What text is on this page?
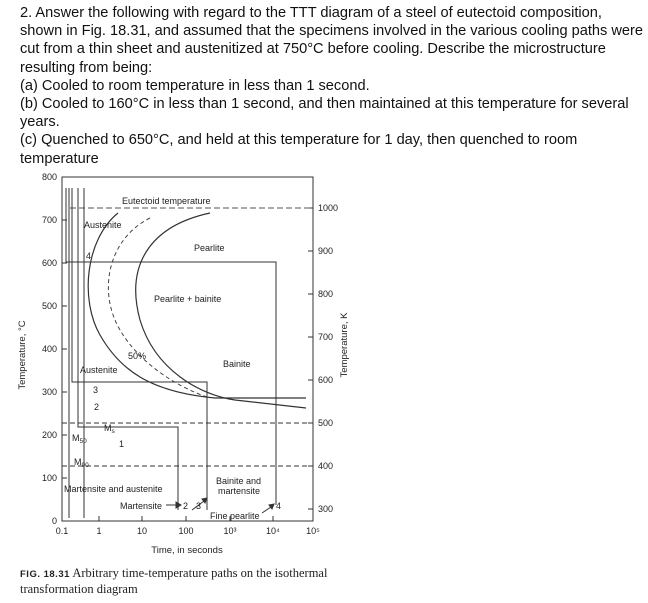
2. Answer the following with regard to the TTT diagram of a steel of eutectoid composition,
shown in Fig. 18.31, and assumed that the specimens involved in the various cooling paths were
cut from a thin sheet and austenitized at 750°C before cooling. Describe the microstructure
resulting from being:
(a) Cooled to room temperature in less than 1 second.
(b) Cooled to 160°C in less than 1 second, and then maintained at this temperature for several
years.
(c) Quenched to 650°C, and held at this temperature for 1 day, then quenched to room
temperature
800
700
600
500
400
300
200
100
0
1000
900
800
700
600
500
400
300
0.1	1	10	100	10³	10⁴	10⁵
Temperature, °C	Temperature, K
Time, in seconds
Eutectoid temperature
Austenite
Pearlite
Pearlite + bainite
50%
Bainite
Austenite
Martensite and austenite
Bainite and
martensite
Martensite
Fine pearlite
$M_s$
$M_{50}$
$M_{90}$
4
3
2
1
2 3	4
FIG. 18.31 Arbitrary time-temperature paths on the isothermal
transformation diagram
